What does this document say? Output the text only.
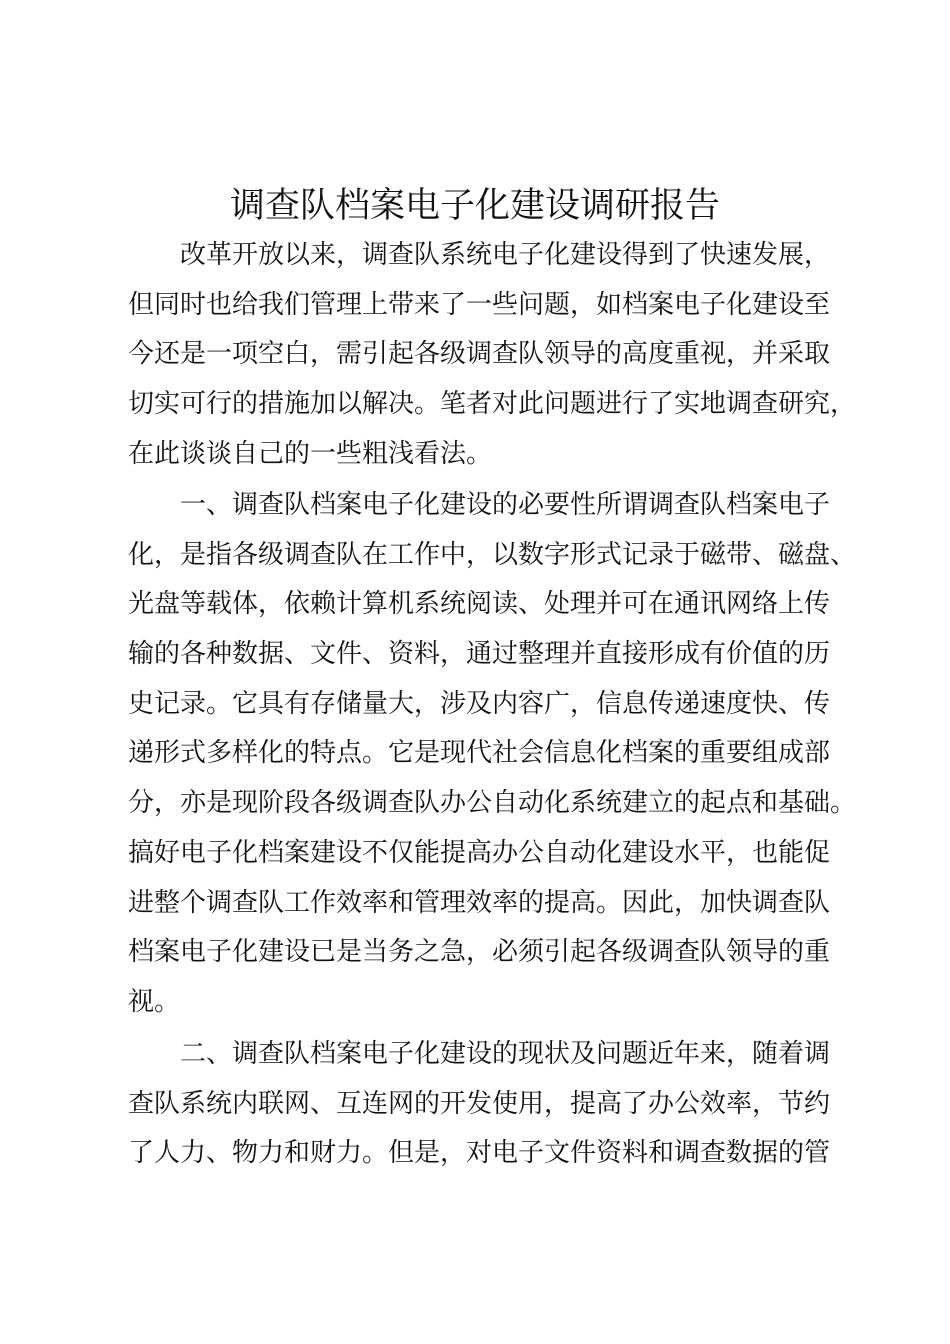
调查队档案电子化建设调研报告
改革开放以来，调查队系统电子化建设得到了快速发展，
但同时也给我们管理上带来了一些问题，如档案电子化建设至
今还是一项空白，需引起各级调查队领导的高度重视，并采取
切实可行的措施加以解决。笔者对此问题进行了实地调查研究，
在此谈谈自己的一些粗浅看法。
一、调查队档案电子化建设的必要性所谓调查队档案电子
化，是指各级调查队在工作中，以数字形式记录于磁带、磁盘、
光盘等载体，依赖计算机系统阅读、处理并可在通讯网络上传
输的各种数据、文件、资料，通过整理并直接形成有价值的历
史记录。它具有存储量大，涉及内容广，信息传递速度快、传
递形式多样化的特点。它是现代社会信息化档案的重要组成部
分，亦是现阶段各级调查队办公自动化系统建立的起点和基础。
搞好电子化档案建设不仅能提高办公自动化建设水平，也能促
进整个调查队工作效率和管理效率的提高。因此，加快调查队
档案电子化建设已是当务之急，必须引起各级调查队领导的重
视。
二、调查队档案电子化建设的现状及问题近年来，随着调
查队系统内联网、互连网的开发使用，提高了办公效率，节约
了人力、物力和财力。但是，对电子文件资料和调查数据的管
